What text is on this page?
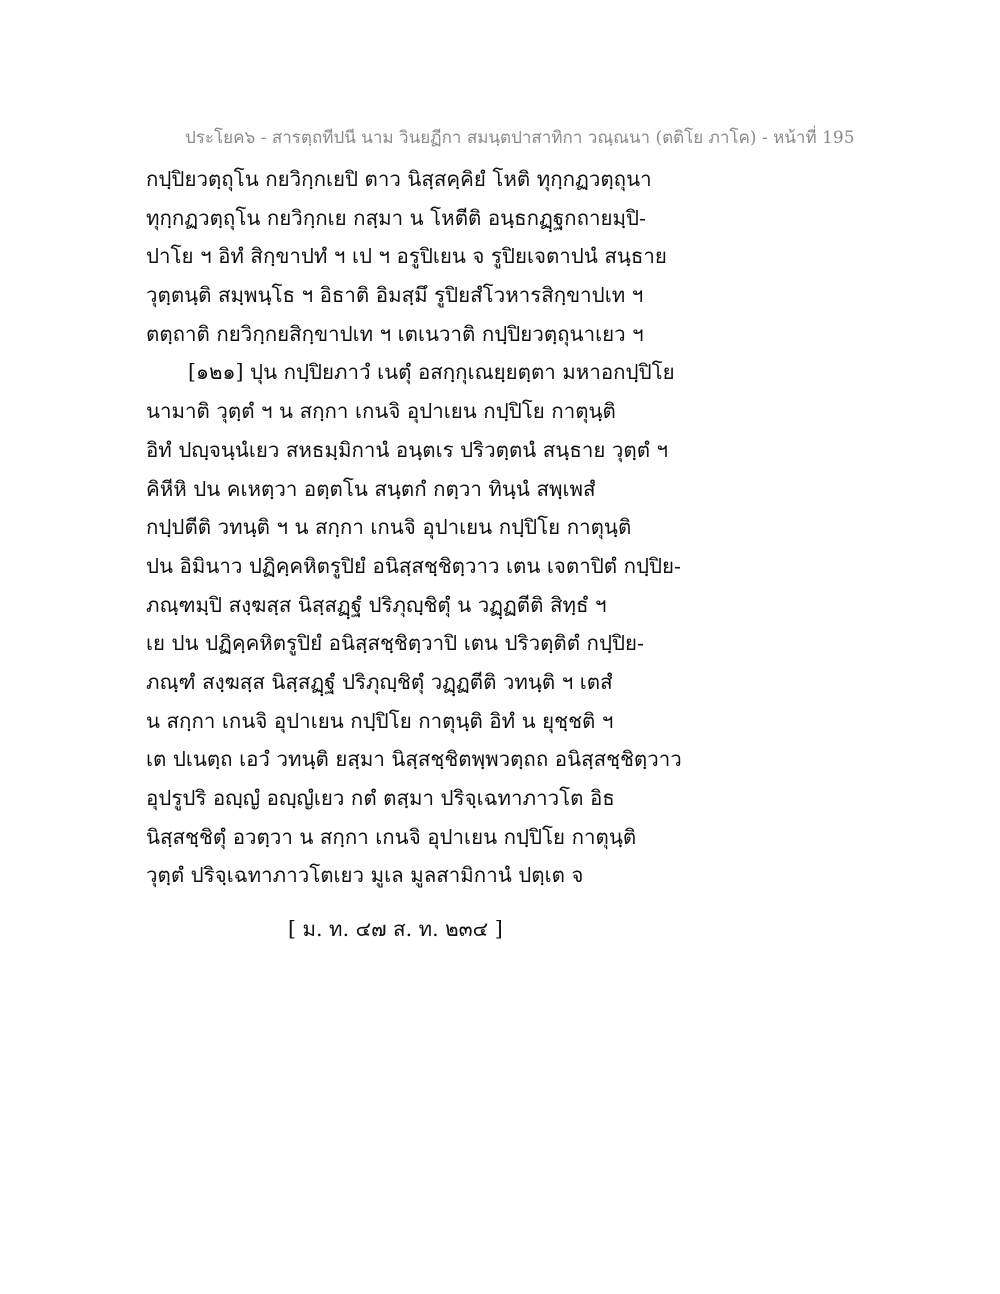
ประโยค๖ - สารตฺถทีปนี นาม วินยฏีกา สมนฺตปาสาทิกา วณฺณนา (ตติโย ภาโค) - หน้าที่ 195
กปฺปิยวตฺถุโน กยวิกฺกเยปิ ตาว นิสฺสคฺคิยํ โหติ ทุกฺกฏวตฺถุนา
ทุกฺกฏวตฺถุโน กยวิกฺกเย กสฺมา น โหตีติ อนฺธกฏฺฐกถายมฺปิ-
ปาโย ฯ อิทํ สิกฺขาปทํ ฯ เป ฯ อรูปิเยน จ รูปิยเจตาปนํ สนฺธาย
วุตฺตนฺติ สมฺพนฺโธ ฯ อิธาติ อิมสฺมึ รูปิยสํโวหารสิกฺขาปเท ฯ
ตตฺถาติ กยวิกฺกยสิกฺขาปเท ฯ เตเนวาติ กปฺปิยวตฺถุนาเยว ฯ
[๑๒๑] ปุน กปฺปิยภาวํ เนตุํ อสกฺกุเณยฺยตฺตา มหาอกปฺปิโย
นามาติ วุตฺตํ ฯ น สกฺกา เกนจิ อุปาเยน กปฺปิโย กาตุนฺติ
อิทํ ปญฺจนฺนํเยว สหธมฺมิกานํ อนฺตเร ปริวตฺตนํ สนฺธาย วุตฺตํ ฯ
คิหีหิ ปน คเหตฺวา อตฺตโน สนฺตกํ กตฺวา ทินฺนํ สพฺเพสํ
กปฺปตีติ วทนฺติ ฯ น สกฺกา เกนจิ อุปาเยน กปฺปิโย กาตุนฺติ
ปน อิมินาว ปฏิคฺคหิตรูปิยํ อนิสฺสชฺชิตฺวาว เตน เจตาปิตํ กปฺปิย-
ภณฺฑมฺปิ สงฺฆสฺส นิสฺสฏฺฐํ ปริภุญฺชิตุํ น วฏฺฏตีติ สิทฺธํ ฯ
เย ปน ปฏิคฺคหิตรูปิยํ อนิสฺสชฺชิตฺวาปิ เตน ปริวตฺติตํ กปฺปิย-
ภณฺฑํ สงฺฆสฺส นิสฺสฏฺฐํ ปริภุญฺชิตุํ วฏฺฏตีติ วทนฺติ ฯ เตสํ
น สกฺกา เกนจิ อุปาเยน กปฺปิโย กาตุนฺติ อิทํ น ยุชฺชติ ฯ
เต ปเนตฺถ เอวํ วทนฺติ ยสฺมา นิสฺสชฺชิตพฺพวตฺถถ อนิสฺสชฺชิตฺวาว
อุปรูปริ อญฺญํ อญฺญํเยว กตํ ตสฺมา ปริจฺเฉทาภาวโต อิธ
นิสฺสชฺชิตุํ อวตฺวา น สกฺกา เกนจิ อุปาเยน กปฺปิโย กาตุนฺติ
วุตฺตํ ปริจฺเฉทาภาวโตเยว มูเล มูลสามิกานํ ปตฺเต จ
[ ม. ท. ๔๗ ส. ท. ๒๓๔ ]
